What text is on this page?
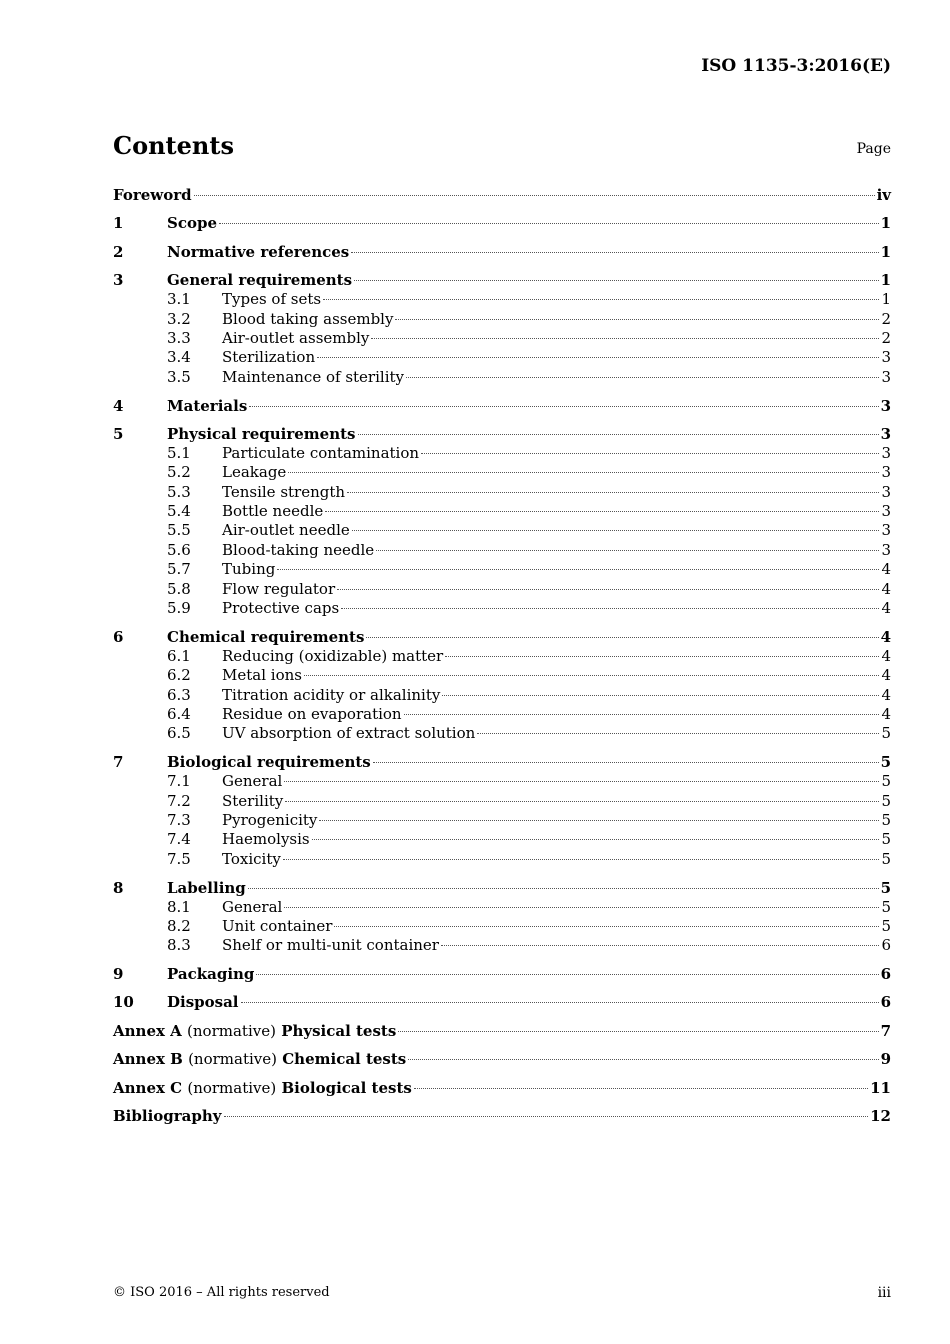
ISO 1135-3:2016(E)
Contents	Page
Foreword	iv
1	Scope	1
2	Normative references	1
3	General requirements	1
3.1	Types of sets	1
3.2	Blood taking assembly	2
3.3	Air-outlet assembly	2
3.4	Sterilization	3
3.5	Maintenance of sterility	3
4	Materials	3
5	Physical requirements	3
5.1	Particulate contamination	3
5.2	Leakage	3
5.3	Tensile strength	3
5.4	Bottle needle	3
5.5	Air-outlet needle	3
5.6	Blood-taking needle	3
5.7	Tubing	4
5.8	Flow regulator	4
5.9	Protective caps	4
6	Chemical requirements	4
6.1	Reducing (oxidizable) matter	4
6.2	Metal ions	4
6.3	Titration acidity or alkalinity	4
6.4	Residue on evaporation	4
6.5	UV absorption of extract solution	5
7	Biological requirements	5
7.1	General	5
7.2	Sterility	5
7.3	Pyrogenicity	5
7.4	Haemolysis	5
7.5	Toxicity	5
8	Labelling	5
8.1	General	5
8.2	Unit container	5
8.3	Shelf or multi-unit container	6
9	Packaging	6
10	Disposal	6
Annex A (normative) Physical tests	7
Annex B (normative) Chemical tests	9
Annex C (normative) Biological tests	11
Bibliography	12
© ISO 2016 – All rights reserved	iii
